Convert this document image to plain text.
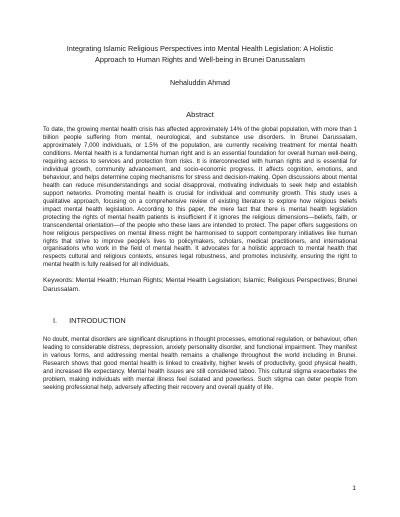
Integrating Islamic Religious Perspectives into Mental Health Legislation: A Holistic Approach to Human Rights and Well-being in Brunei Darussalam
Nehaluddin Ahmad
Abstract
To date, the growing mental health crisis has affected approximately 14% of the global population, with more than 1 billion people suffering from mental, neurological, and substance use disorders. In Brunei Darussalam, approximately 7,000 individuals, or 1.5% of the population, are currently receiving treatment for mental health conditions. Mental health is a fundamental human right and is an essential foundation for overall human well-being, requiring access to services and protection from risks. It is interconnected with human rights and is essential for individual growth, community advancement, and socio-economic progress. It affects cognition, emotions, and behaviour, and helps determine coping mechanisms for stress and decision-making. Open discussions about mental health can reduce misunderstandings and social disapproval, motivating individuals to seek help and establish support networks. Promoting mental health is crucial for individual and community growth. This study uses a qualitative approach, focusing on a comprehensive review of existing literature to explore how religious beliefs impact mental health legislation. According to this paper, the mere fact that there is mental health legislation protecting the rights of mental health patients is insufficient if it ignores the religious dimensions—beliefs, faith, or transcendental orientation—of the people who these laws are intended to protect. The paper offers suggestions on how religious perspectives on mental illness might be harmonised to support contemporary initiatives like human rights that strive to improve people's lives to policymakers, scholars, medical practitioners, and international organisations who work in the field of mental health. It advocates for a holistic approach to mental health that respects cultural and religious contexts, ensures legal robustness, and promotes inclusivity, ensuring the right to mental health is fully realised for all individuals.
Keywords: Mental Health; Human Rights; Mental Health Legislation; Islamic; Religious Perspectives; Brunei Darussalam.
I. INTRODUCTION
No doubt, mental disorders are significant disruptions in thought processes, emotional regulation, or behaviour, often leading to considerable distress, depression, anxiety personality disorder, and functional impairment. They manifest in various forms, and addressing mental health remains a challenge throughout the world including in Brunei. Research shows that good mental health is linked to creativity, higher levels of productivity, good physical health, and increased life expectancy. Mental health issues are still considered taboo. This cultural stigma exacerbates the problem, making individuals with mental illness feel isolated and powerless. Such stigma can deter people from seeking professional help, adversely affecting their recovery and overall quality of life.
1
